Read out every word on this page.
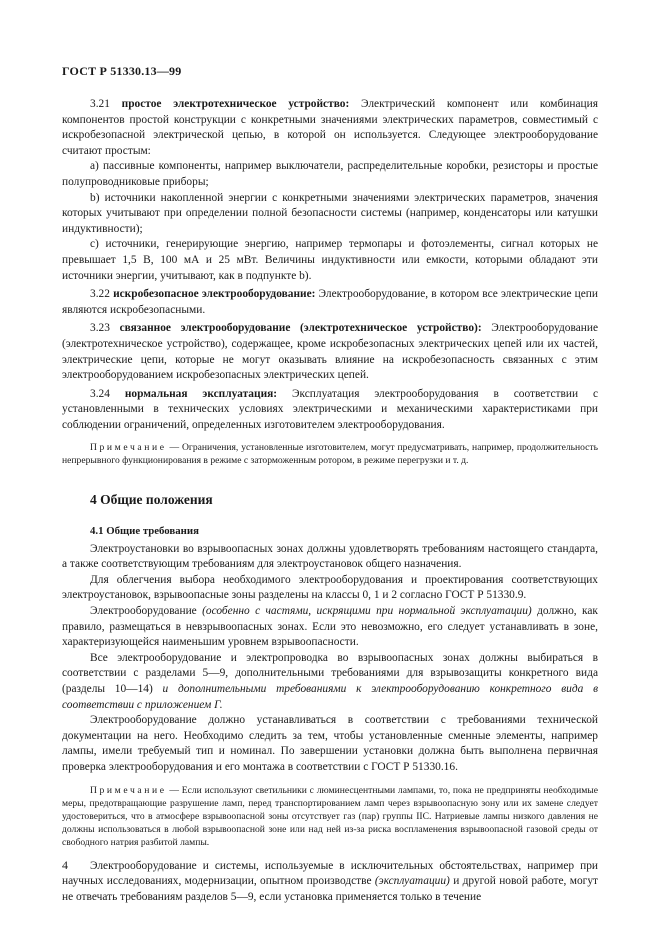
ГОСТ Р 51330.13—99

3.21 простое электротехническое устройство: Электрический компонент или комбинация компонентов простой конструкции с конкретными значениями электрических параметров, совместимый с искробезопасной электрической цепью, в которой он используется. Следующее электрооборудование считают простым:

а) пассивные компоненты, например выключатели, распределительные коробки, резисторы и простые полупроводниковые приборы;

b) источники накопленной энергии с конкретными значениями электрических параметров, значения которых учитывают при определении полной безопасности системы (например, конденсаторы или катушки индуктивности);

с) источники, генерирующие энергию, например термопары и фотоэлементы, сигнал которых не превышает 1,5 В, 100 мА и 25 мВт. Величины индуктивности или емкости, которыми обладают эти источники энергии, учитывают, как в подпункте b).

3.22 искробезопасное электрооборудование: Электрооборудование, в котором все электрические цепи являются искробезопасными.

3.23 связанное электрооборудование (электротехническое устройство): Электрооборудование (электротехническое устройство), содержащее, кроме искробезопасных электрических цепей или их частей, электрические цепи, которые не могут оказывать влияние на искробезопасность связанных с этим электрооборудованием искробезопасных электрических цепей.

3.24 нормальная эксплуатация: Эксплуатация электрооборудования в соответствии с установленными в технических условиях электрическими и механическими характеристиками при соблюдении ограничений, определенных изготовителем электрооборудования.

Примечание — Ограничения, установленные изготовителем, могут предусматривать, например, продолжительность непрерывного функционирования в режиме с заторможенным ротором, в режиме перегрузки и т. д.

4 Общие положения
4.1 Общие требования

Электроустановки во взрывоопасных зонах должны удовлетворять требованиям настоящего стандарта, а также соответствующим требованиям для электроустановок общего назначения.

Для облегчения выбора необходимого электрооборудования и проектирования соответствующих электроустановок, взрывоопасные зоны разделены на классы 0, 1 и 2 согласно ГОСТ Р 51330.9.

Электрооборудование (особенно с частями, искрящими при нормальной эксплуатации) должно, как правило, размещаться в невзрывоопасных зонах. Если это невозможно, его следует устанавливать в зоне, характеризующейся наименьшим уровнем взрывоопасности.

Все электрооборудование и электропроводка во взрывоопасных зонах должны выбираться в соответствии с разделами 5—9, дополнительными требованиями для взрывозащиты конкретного вида (разделы 10—14) и дополнительными требованиями к электрооборудованию конкретного вида в соответствии с приложением Г.

Электрооборудование должно устанавливаться в соответствии с требованиями технической документации на него. Необходимо следить за тем, чтобы установленные сменные элементы, например лампы, имели требуемый тип и номинал. По завершении установки должна быть выполнена первичная проверка электрооборудования и его монтажа в соответствии с ГОСТ Р 51330.16.

Примечание — Если используют светильники с люминесцентными лампами, то, пока не предприняты необходимые меры, предотвращающие разрушение ламп, перед транспортированием ламп через взрывоопасную зону или их замене следует удостовериться, что в атмосфере взрывоопасной зоны отсутствует газ (пар) группы IIС. Натриевые лампы низкого давления не должны использоваться в любой взрывоопасной зоне или над ней из-за риска воспламенения взрывоопасной газовой среды от свободного натрия разбитой лампы.

Электрооборудование и системы, используемые в исключительных обстоятельствах, например при научных исследованиях, модернизации, опытном производстве (эксплуатации) и другой новой работе, могут не отвечать требованиям разделов 5—9, если установка применяется только в течение

4
